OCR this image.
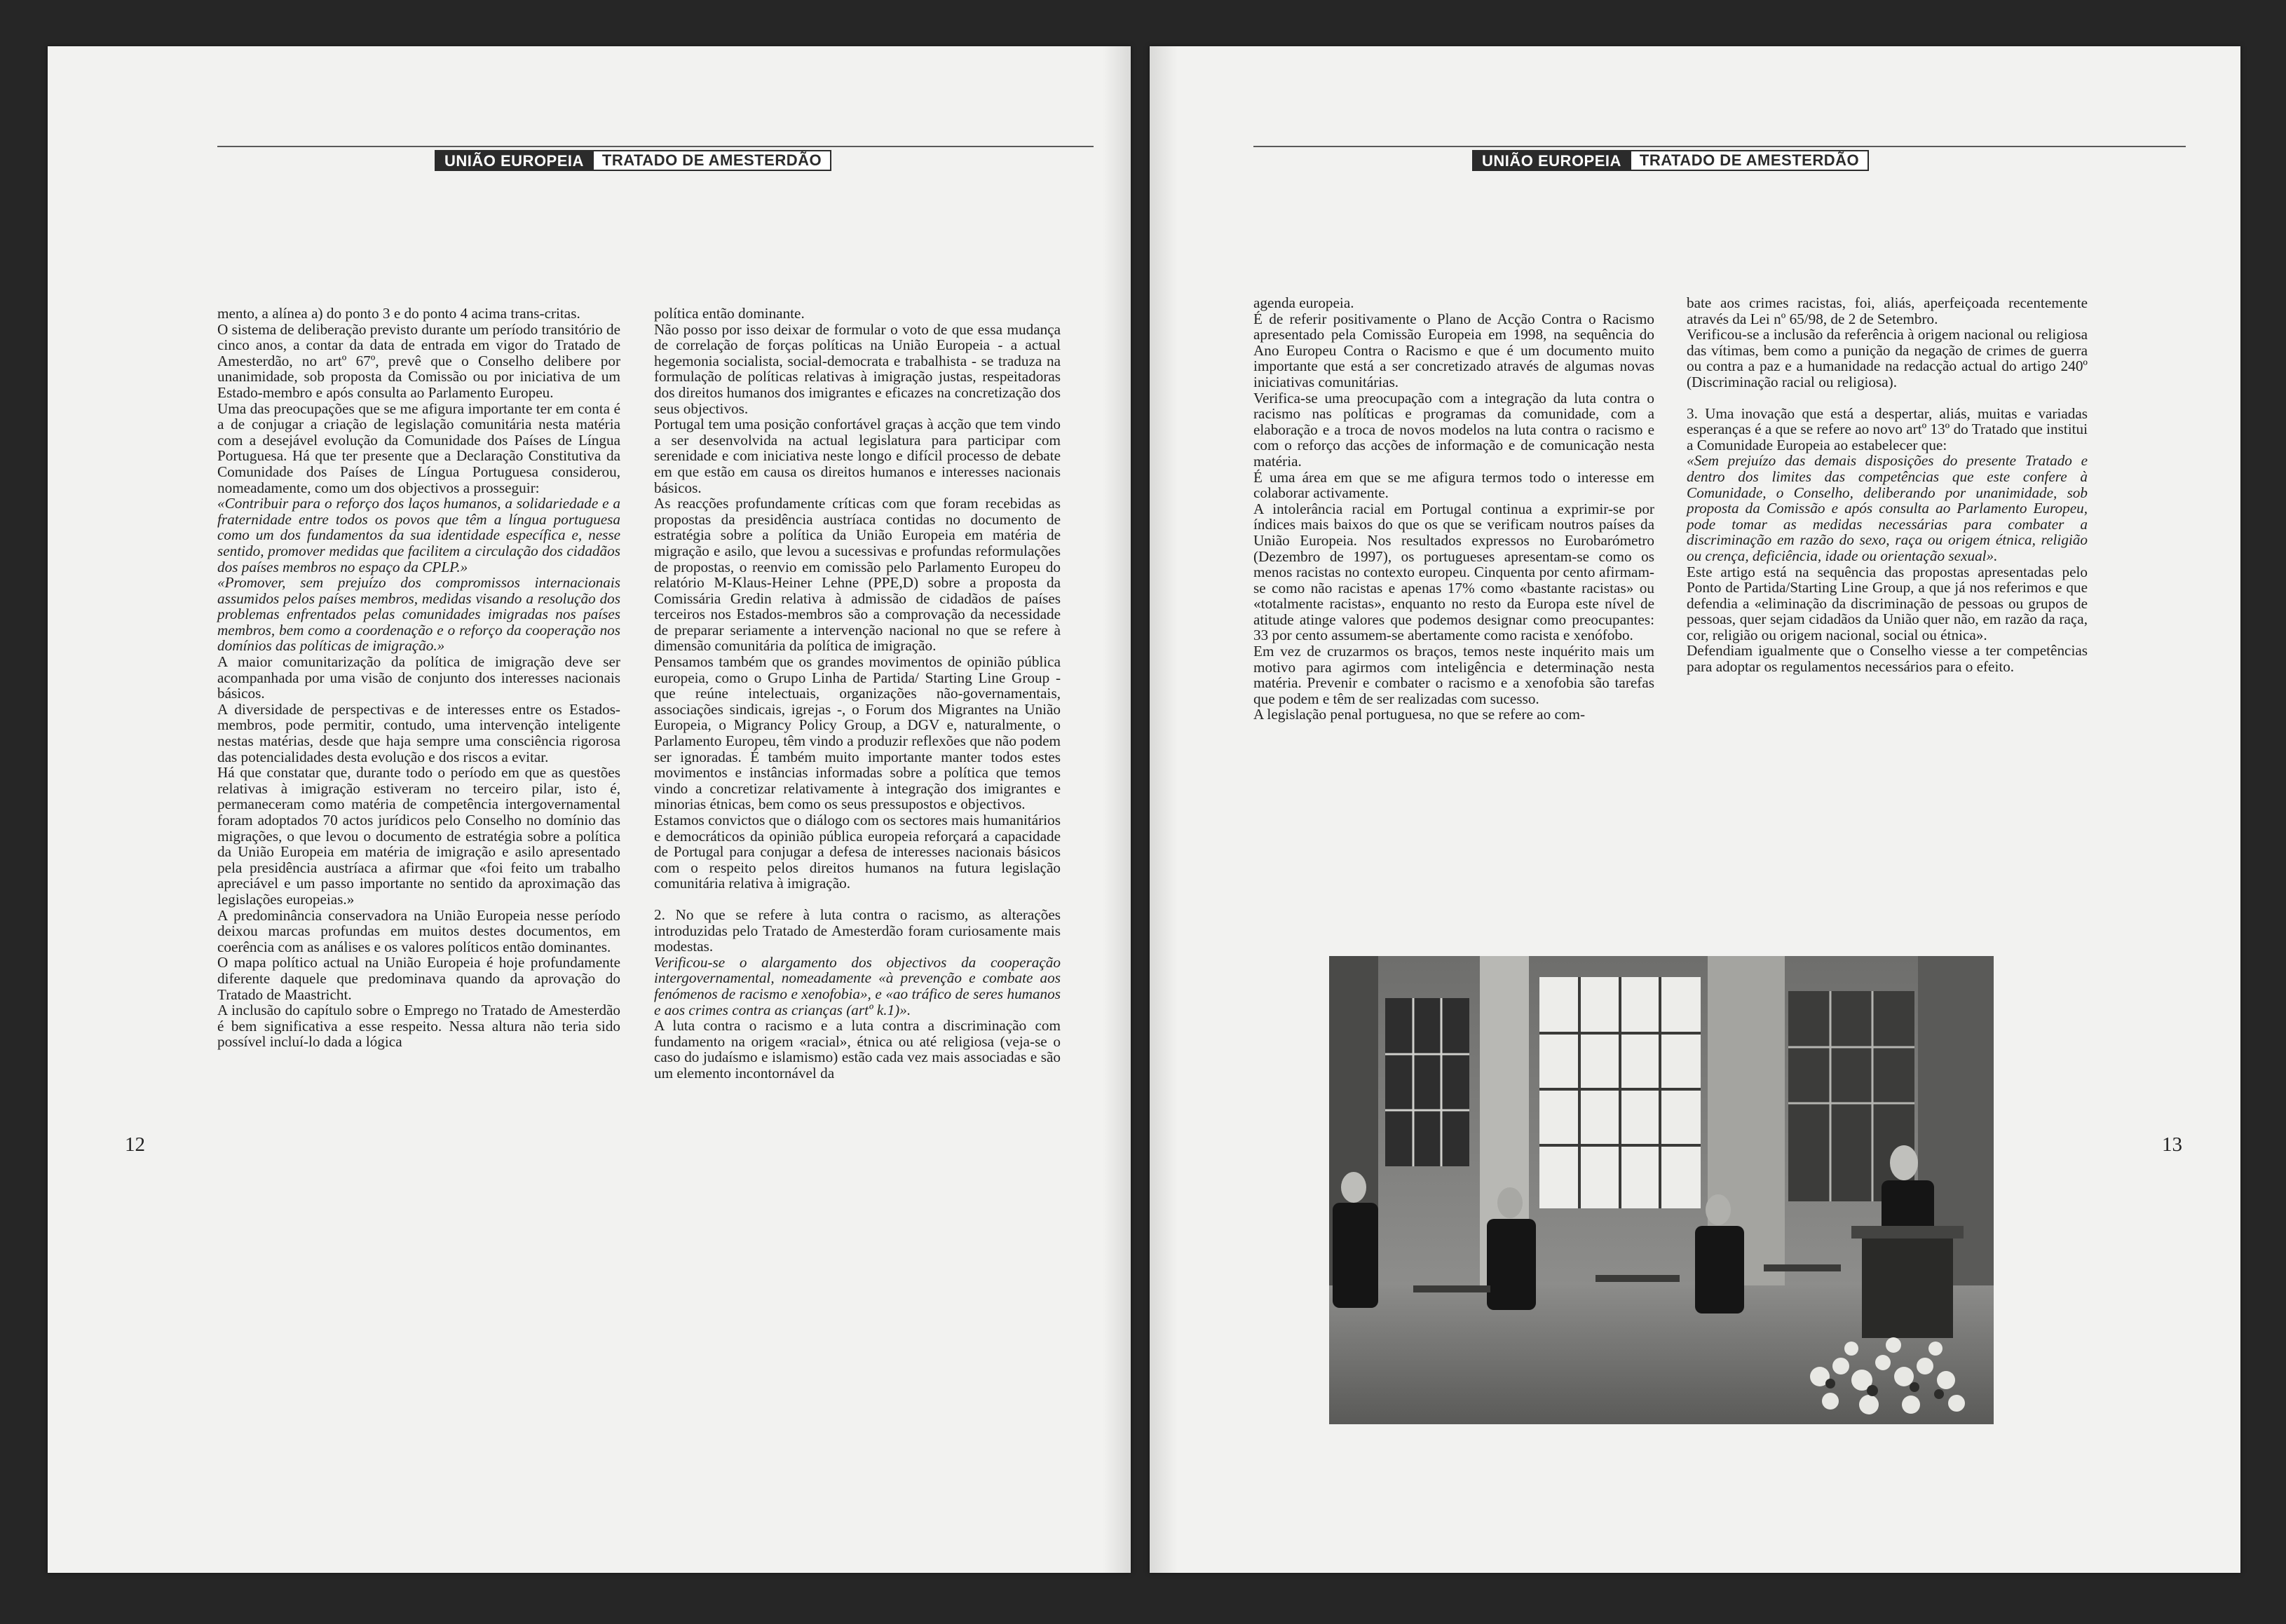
UNIÃO EUROPEIA	TRATADO DE AMESTERDÃO

mento, a alínea a) do ponto 3 e do ponto 4 acima trans-critas.

O sistema de deliberação previsto durante um período transitório de cinco anos, a contar da data de entrada em vigor do Tratado de Amesterdão, no artº 67º, prevê que o Conselho delibere por unanimidade, sob proposta da Comissão ou por iniciativa de um Estado-membro e após consulta ao Parlamento Europeu.

Uma das preocupações que se me afigura importante ter em conta é a de conjugar a criação de legislação comunitária nesta matéria com a desejável evolução da Comunidade dos Países de Língua Portuguesa. Há que ter presente que a Declaração Constitutiva da Comunidade dos Países de Língua Portuguesa considerou, nomeadamente, como um dos objectivos a prosseguir:

«Contribuir para o reforço dos laços humanos, a solidariedade e a fraternidade entre todos os povos que têm a língua portuguesa como um dos fundamentos da sua identidade específica e, nesse sentido, promover medidas que facilitem a circulação dos cidadãos dos países membros no espaço da CPLP.»

«Promover, sem prejuízo dos compromissos internacionais assumidos pelos países membros, medidas visando a resolução dos problemas enfrentados pelas comunidades imigradas nos países membros, bem como a coordenação e o reforço da cooperação nos domínios das políticas de imigração.»

A maior comunitarização da política de imigração deve ser acompanhada por uma visão de conjunto dos interesses nacionais básicos.

A diversidade de perspectivas e de interesses entre os Estados-membros, pode permitir, contudo, uma intervenção inteligente nestas matérias, desde que haja sempre uma consciência rigorosa das potencialidades desta evolução e dos riscos a evitar.

Há que constatar que, durante todo o período em que as questões relativas à imigração estiveram no terceiro pilar, isto é, permaneceram como matéria de competência intergovernamental foram adoptados 70 actos jurídicos pelo Conselho no domínio das migrações, o que levou o documento de estratégia sobre a política da União Europeia em matéria de imigração e asilo apresentado pela presidência austríaca a afirmar que «foi feito um trabalho apreciável e um passo importante no sentido da aproximação das legislações europeias.»

A predominância conservadora na União Europeia nesse período deixou marcas profundas em muitos destes documentos, em coerência com as análises e os valores políticos então dominantes.

O mapa político actual na União Europeia é hoje profundamente diferente daquele que predominava quando da aprovação do Tratado de Maastricht.

A inclusão do capítulo sobre o Emprego no Tratado de Amesterdão é bem significativa a esse respeito. Nessa altura não teria sido possível incluí-lo dada a lógica

política então dominante.

Não posso por isso deixar de formular o voto de que essa mudança de correlação de forças políticas na União Europeia - a actual hegemonia socialista, social-democrata e trabalhista - se traduza na formulação de políticas relativas à imigração justas, respeitadoras dos direitos humanos dos imigrantes e eficazes na concretização dos seus objectivos.

Portugal tem uma posição confortável graças à acção que tem vindo a ser desenvolvida na actual legislatura para participar com serenidade e com iniciativa neste longo e difícil processo de debate em que estão em causa os direitos humanos e interesses nacionais básicos.

As reacções profundamente críticas com que foram recebidas as propostas da presidência austríaca contidas no documento de estratégia sobre a política da União Europeia em matéria de migração e asilo, que levou a sucessivas e profundas reformulações de propostas, o reenvio em comissão pelo Parlamento Europeu do relatório M-Klaus-Heiner Lehne (PPE,D) sobre a proposta da Comissária Gredin relativa à admissão de cidadãos de países terceiros nos Estados-membros são a comprovação da necessidade de preparar seriamente a intervenção nacional no que se refere à dimensão comunitária da política de imigração.

Pensamos também que os grandes movimentos de opinião pública europeia, como o Grupo Linha de Partida/ Starting Line Group - que reúne intelectuais, organizações não-governamentais, associações sindicais, igrejas -, o Forum dos Migrantes na União Europeia, o Migrancy Policy Group, a DGV e, naturalmente, o Parlamento Europeu, têm vindo a produzir reflexões que não podem ser ignoradas. É também muito importante manter todos estes movimentos e instâncias informadas sobre a política que temos vindo a concretizar relativamente à integração dos imigrantes e minorias étnicas, bem como os seus pressupostos e objectivos.

Estamos convictos que o diálogo com os sectores mais humanitários e democráticos da opinião pública europeia reforçará a capacidade de Portugal para conjugar a defesa de interesses nacionais básicos com o respeito pelos direitos humanos na futura legislação comunitária relativa à imigração.

2. No que se refere à luta contra o racismo, as alterações introduzidas pelo Tratado de Amesterdão foram curiosamente mais modestas.

Verificou-se o alargamento dos objectivos da cooperação intergovernamental, nomeadamente «à prevenção e combate aos fenómenos de racismo e xenofobia», e «ao tráfico de seres humanos e aos crimes contra as crianças (artº k.1)».

A luta contra o racismo e a luta contra a discriminação com fundamento na origem «racial», étnica ou até religiosa (veja-se o caso do judaísmo e islamismo) estão cada vez mais associadas e são um elemento incontornável da

12
UNIÃO EUROPEIA	TRATADO DE AMESTERDÃO

agenda europeia.

É de referir positivamente o Plano de Acção Contra o Racismo apresentado pela Comissão Europeia em 1998, na sequência do Ano Europeu Contra o Racismo e que é um documento muito importante que está a ser concretizado através de algumas novas iniciativas comunitárias.

Verifica-se uma preocupação com a integração da luta contra o racismo nas políticas e programas da comunidade, com a elaboração e a troca de novos modelos na luta contra o racismo e com o reforço das acções de informação e de comunicação nesta matéria.

É uma área em que se me afigura termos todo o interesse em colaborar activamente.

A intolerância racial em Portugal continua a exprimir-se por índices mais baixos do que os que se verificam noutros países da União Europeia. Nos resultados expressos no Eurobarómetro (Dezembro de 1997), os portugueses apresentam-se como os menos racistas no contexto europeu. Cinquenta por cento afirmam-se como não racistas e apenas 17% como «bastante racistas» ou «totalmente racistas», enquanto no resto da Europa este nível de atitude atinge valores que podemos designar como preocupantes: 33 por cento assumem-se abertamente como racista e xenófobo.

Em vez de cruzarmos os braços, temos neste inquérito mais um motivo para agirmos com inteligência e determinação nesta matéria. Prevenir e combater o racismo e a xenofobia são tarefas que podem e têm de ser realizadas com sucesso.

A legislação penal portuguesa, no que se refere ao com-

bate aos crimes racistas, foi, aliás, aperfeiçoada recentemente através da Lei nº 65/98, de 2 de Setembro.

Verificou-se a inclusão da referência à origem nacional ou religiosa das vítimas, bem como a punição da negação de crimes de guerra ou contra a paz e a humanidade na redacção actual do artigo 240º (Discriminação racial ou religiosa).

3. Uma inovação que está a despertar, aliás, muitas e variadas esperanças é a que se refere ao novo artº 13º do Tratado que institui a Comunidade Europeia ao estabelecer que:

«Sem prejuízo das demais disposições do presente Tratado e dentro dos limites das competências que este confere à Comunidade, o Conselho, deliberando por unanimidade, sob proposta da Comissão e após consulta ao Parlamento Europeu, pode tomar as medidas necessárias para combater a discriminação em razão do sexo, raça ou origem étnica, religião ou crença, deficiência, idade ou orientação sexual».

Este artigo está na sequência das propostas apresentadas pelo Ponto de Partida/Starting Line Group, a que já nos referimos e que defendia a «eliminação da discriminação de pessoas ou grupos de pessoas, quer sejam cidadãos da União quer não, em razão da raça, cor, religião ou origem nacional, social ou étnica».

Defendiam igualmente que o Conselho viesse a ter competências para adoptar os regulamentos necessários para o efeito.

13
